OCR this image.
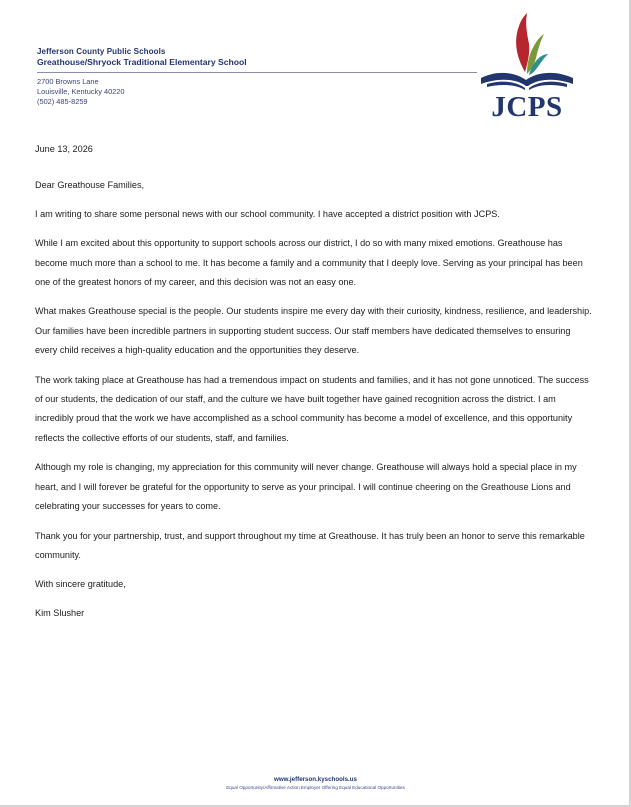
Jefferson County Public Schools
Greathouse/Shryock Traditional Elementary School
2700 Browns Lane
Louisville, Kentucky 40220
(502) 485-8259	JCPS

June 13, 2026

Dear Greathouse Families,

I am writing to share some personal news with our school community. I have accepted a district position with JCPS.

While I am excited about this opportunity to support schools across our district, I do so with many mixed emotions. Greathouse has become much more than a school to me. It has become a family and a community that I deeply love. Serving as your principal has been one of the greatest honors of my career, and this decision was not an easy one.

What makes Greathouse special is the people. Our students inspire me every day with their curiosity, kindness, resilience, and leadership. Our families have been incredible partners in supporting student success. Our staff members have dedicated themselves to ensuring every child receives a high-quality education and the opportunities they deserve.

The work taking place at Greathouse has had a tremendous impact on students and families, and it has not gone unnoticed. The success of our students, the dedication of our staff, and the culture we have built together have gained recognition across the district. I am incredibly proud that the work we have accomplished as a school community has become a model of excellence, and this opportunity reflects the collective efforts of our students, staff, and families.

Although my role is changing, my appreciation for this community will never change. Greathouse will always hold a special place in my heart, and I will forever be grateful for the opportunity to serve as your principal. I will continue cheering on the Greathouse Lions and celebrating your successes for years to come.

Thank you for your partnership, trust, and support throughout my time at Greathouse. It has truly been an honor to serve this remarkable community.

With sincere gratitude,

Kim Slusher

www.jefferson.kyschools.us
Equal Opportunity/Affirmative Action Employer Offering Equal Educational Opportunities
